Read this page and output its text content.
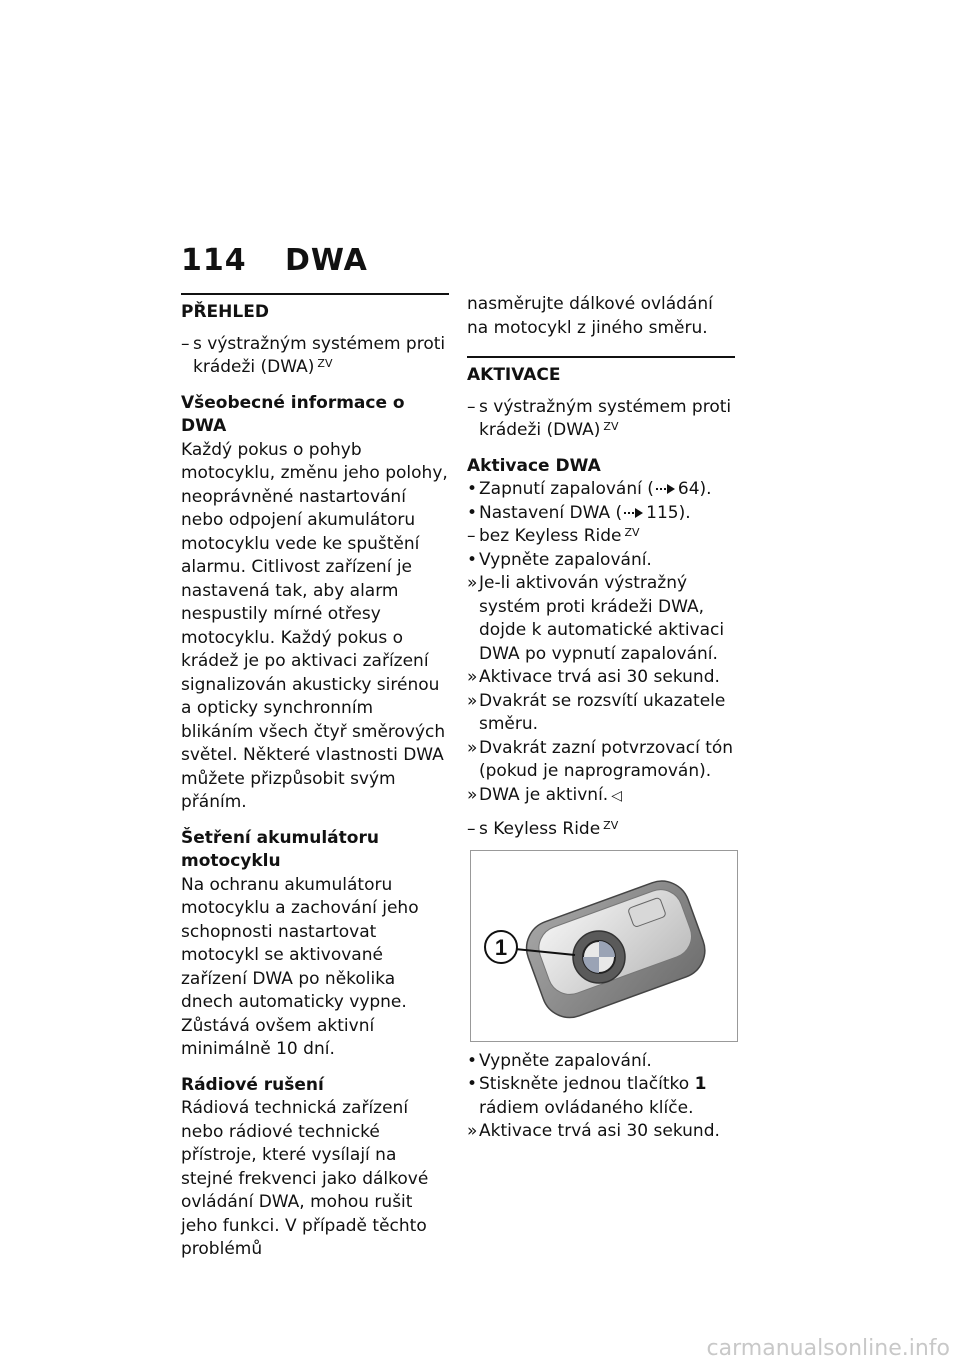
114 DWA
PŘEHLED
– s výstražným systémem proti krádeži (DWA) $^{ZV}$
Všeobecné informace o DWA

Každý pokus o pohyb motocyklu, změnu jeho polohy, neoprávněné nastartování nebo odpojení akumulátoru motocyklu vede ke spuštění alarmu. Citlivost zařízení je nastavená tak, aby alarm nespustily mírné otřesy motocyklu. Každý pokus o krádež je po aktivaci zařízení signalizován akusticky sirénou a opticky synchronním blikáním všech čtyř směrových světel. Některé vlastnosti DWA můžete přizpůsobit svým přáním.

Šetření akumulátoru motocyklu

Na ochranu akumulátoru motocyklu a zachování jeho schopnosti nastartovat motocykl se aktivované zařízení DWA po několika dnech automaticky vypne. Zůstává ovšem aktivní minimálně 10 dní.

Rádiové rušení

Rádiová technická zařízení nebo rádiové technické přístroje, které vysílají na stejné frekvenci jako dálkové ovládání DWA, mohou rušit jeho funkci. V případě těchto problémů

nasměrujte dálkové ovládání na motocykl z jiného směru.

AKTIVACE
– s výstražným systémem proti krádeži (DWA) $^{ZV}$
Aktivace DWA
• Zapnutí zapalování ( 64).
• Nastavení DWA ( 115).
– bez Keyless Ride $^{ZV}$
• Vypněte zapalování.
» Je-li aktivován výstražný systém proti krádeži DWA, dojde k automatické aktivaci DWA po vypnutí zapalování.
» Aktivace trvá asi 30 sekund.
» Dvakrát se rozsvítí ukazatele směru.
» Dvakrát zazní potvrzovací tón (pokud je naprogramován).
» DWA je aktivní. ◁
– s Keyless Ride $^{ZV}$
1
• Vypněte zapalování.
• Stiskněte jednou tlačítko 1 rádiem ovládaného klíče.
» Aktivace trvá asi 30 sekund.
carmanualsonline.info
